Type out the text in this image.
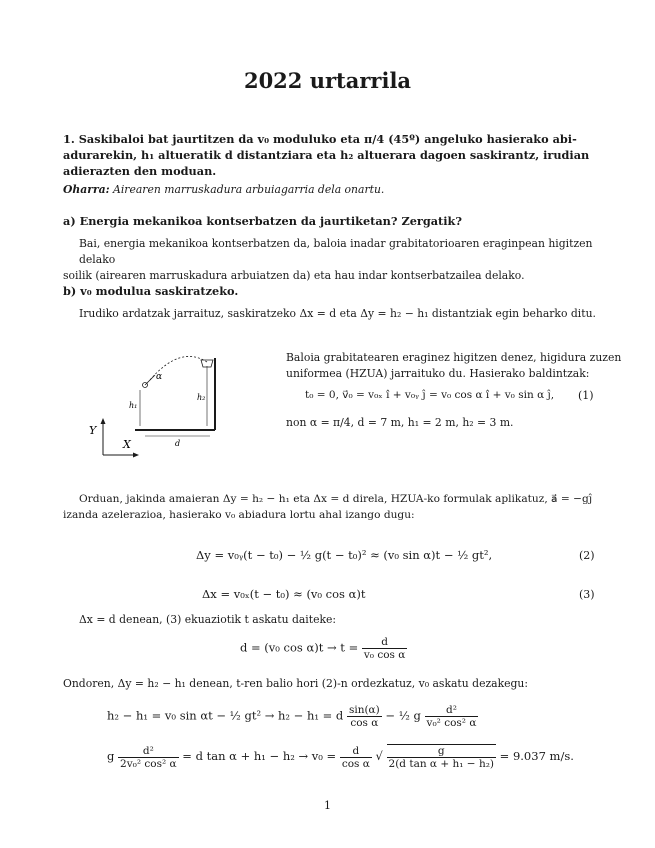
2022 urtarrila
1. Saskibaloi bat jaurtitzen da v₀ moduluko eta π/4 (45º) angeluko hasierako abi-
adurarekin, h₁ altueratik d distantziara eta h₂ altuerara dagoen saskirantz, irudian
adierazten den moduan.
Oharra: Airearen marruskadura arbuiagarria dela onartu.
a) Energia mekanikoa kontserbatzen da jaurtiketan? Zergatik?
Bai, energia mekanikoa kontserbatzen da, baloia inadar grabitatorioaren eraginpean higitzen delako
soilik (airearen marruskadura arbuiatzen da) eta hau indar kontserbatzailea delako.
b) v₀ modulua saskiratzeko.
Irudiko ardatzak jarraituz, saskiratzeko Δx = d eta Δy = h₂ − h₁ distantziak egin beharko ditu.
Y
X
α
h₁
h₂
d
Baloia grabitatearen eraginez higitzen denez, higidura zuzen
uniformea (HZUA) jarraituko du. Hasierako baldintzak:
t₀ = 0, v⃗₀ = v₀ₓ î + v₀ᵧ ĵ = v₀ cos α î + v₀ sin α ĵ, (1)
non α = π/4, d = 7 m, h₁ = 2 m, h₂ = 3 m.
Orduan, jakinda amaieran Δy = h₂ − h₁ eta Δx = d direla, HZUA-ko formulak aplikatuz, a⃗ = −gĵ
izanda azelerazioa, hasierako v₀ abiadura lortu ahal izango dugu:
Δy = v₀ᵧ(t − t₀) − ½ g(t − t₀)² ≈ (v₀ sin α)t − ½ gt²,	(2)
Δx = v₀ₓ(t − t₀) ≈ (v₀ cos α)t	(3)
Δx = d denean, (3) ekuaziotik t askatu daiteke:
d = (v₀ $\cos \alpha)t \to t = \frac{d}{\text{v₀ cos α}}$
Ondoren, Δy = h₂ − h₁ denean, t-ren balio hori (2)-n ordezkatuz, v₀ askatu dezakegu:
h₂ − h₁ = v₀ sin αt − ½ gt² → h₂ − h₁ = d $\frac{\sin(\alpha)}{\text{cos α}}$ − ½ g $\frac{\text{d²}}{\text{v₀² cos² α}}$
g $\frac{\text{d²}}{\text{2v₀² cos² α}} = d$ $\tan \alpha + h_1 - h_2 \to v_0 = \frac{d}{\text{cos α}}$ √ $\frac{g}{\text{2(d tan α + h₁ − h₂)}} = 9.037$ m/s.
1
